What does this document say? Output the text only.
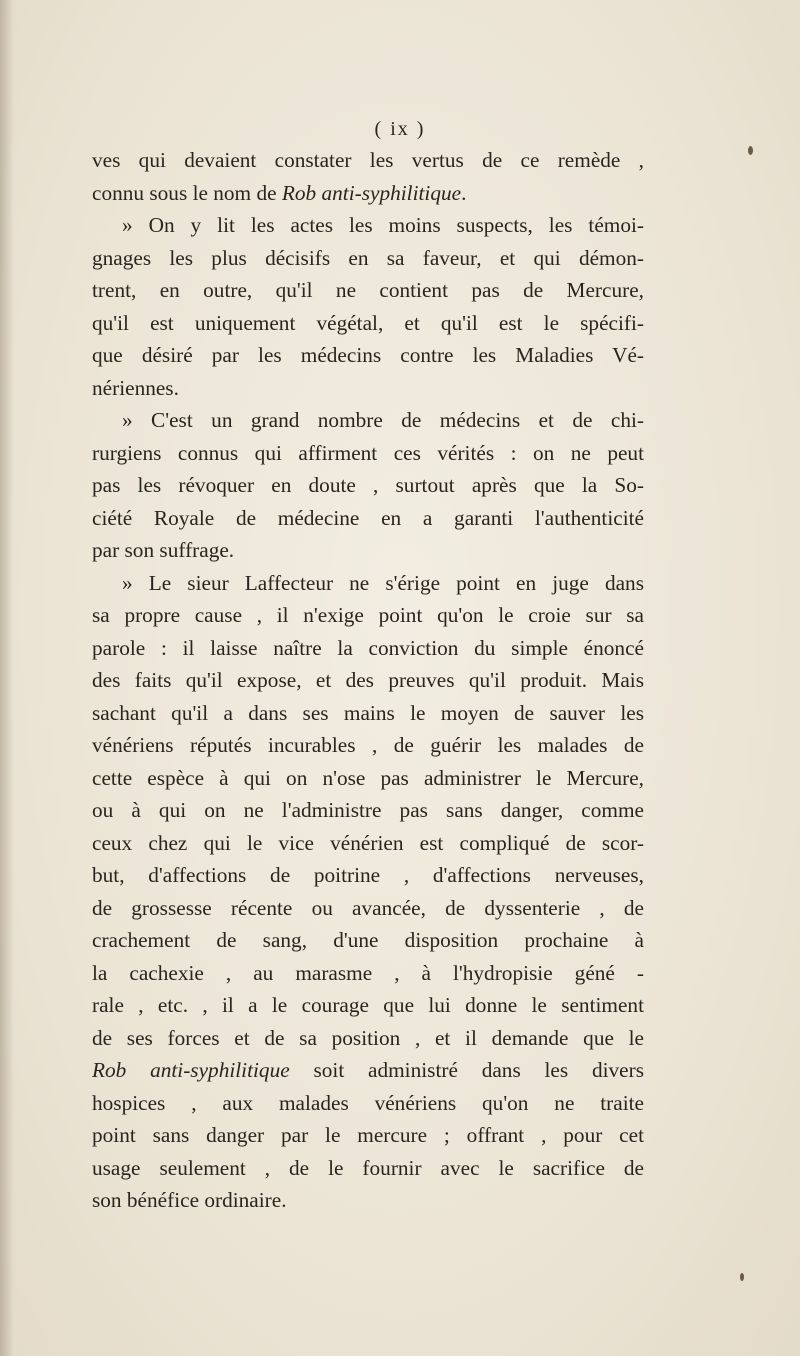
( ix )
ves qui devaient constater les vertus de ce remède ,
connu sous le nom de Rob anti-syphilitique.
» On y lit les actes les moins suspects, les témoi-
gnages les plus décisifs en sa faveur, et qui démon-
trent, en outre, qu'il ne contient pas de Mercure,
qu'il est uniquement végétal, et qu'il est le spécifi-
que désiré par les médecins contre les Maladies Vé-
nériennes.
» C'est un grand nombre de médecins et de chi-
rurgiens connus qui affirment ces vérités : on ne peut
pas les révoquer en doute , surtout après que la So-
ciété Royale de médecine en a garanti l'authenticité
par son suffrage.
» Le sieur Laffecteur ne s'érige point en juge dans
sa propre cause , il n'exige point qu'on le croie sur sa
parole : il laisse naître la conviction du simple énoncé
des faits qu'il expose, et des preuves qu'il produit. Mais
sachant qu'il a dans ses mains le moyen de sauver les
vénériens réputés incurables , de guérir les malades de
cette espèce à qui on n'ose pas administrer le Mercure,
ou à qui on ne l'administre pas sans danger, comme
ceux chez qui le vice vénérien est compliqué de scor-
but, d'affections de poitrine , d'affections nerveuses,
de grossesse récente ou avancée, de dyssenterie , de
crachement de sang, d'une disposition prochaine à
la cachexie , au marasme , à l'hydropisie géné -
rale , etc. , il a le courage que lui donne le sentiment
de ses forces et de sa position , et il demande que le
Rob anti-syphilitique soit administré dans les divers
hospices , aux malades vénériens qu'on ne traite
point sans danger par le mercure ; offrant , pour cet
usage seulement , de le fournir avec le sacrifice de
son bénéfice ordinaire.
